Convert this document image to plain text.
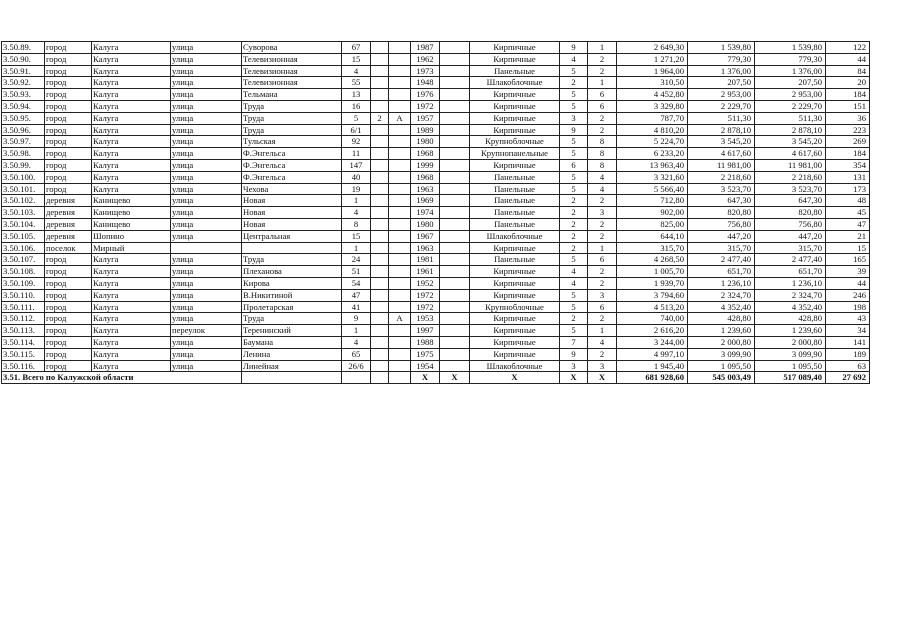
3.50.89.	город	Калуга	улица	Суворова	67			1987		Кирпичные	9	1	2 649,30	1 539,80	1 539,80	122
3.50.90.	город	Калуга	улица	Телевизионная	15			1962		Кирпичные	4	2	1 271,20	779,30	779,30	44
3.50.91.	город	Калуга	улица	Телевизионная	4			1973		Панельные	5	2	1 964,00	1 376,00	1 376,00	84
3.50.92.	город	Калуга	улица	Телевизионная	55			1948		Шлакоблочные	2	1	310,50	207,50	207,50	20
3.50.93.	город	Калуга	улица	Тельмана	13			1976		Кирпичные	5	6	4 452,80	2 953,00	2 953,00	184
3.50.94.	город	Калуга	улица	Труда	16			1972		Кирпичные	5	6	3 329,80	2 229,70	2 229,70	151
3.50.95.	город	Калуга	улица	Труда	5	2	А	1957		Кирпичные	3	2	787,70	511,30	511,30	36
3.50.96.	город	Калуга	улица	Труда	6/1			1989		Кирпичные	9	2	4 810,20	2 878,10	2 878,10	223
3.50.97.	город	Калуга	улица	Тульская	92			1980		Крупноблочные	5	8	5 224,70	3 545,20	3 545,20	269
3.50.98.	город	Калуга	улица	Ф.Энгельса	11			1968		Крупнопанельные	5	8	6 233,20	4 617,60	4 617,60	184
3.50.99.	город	Калуга	улица	Ф.Энгельса	147			1999		Кирпичные	6	8	13 963,40	11 981,00	11 981,00	354
3.50.100.	город	Калуга	улица	Ф.Энгельса	40			1968		Панельные	5	4	3 321,60	2 218,60	2 218,60	131
3.50.101.	город	Калуга	улица	Чехова	19			1963		Панельные	5	4	5 566,40	3 523,70	3 523,70	173
3.50.102.	деревня	Канищево	улица	Новая	1			1969		Панельные	2	2	712,80	647,30	647,30	48
3.50.103.	деревня	Канищево	улица	Новая	4			1974		Панельные	2	3	902,00	820,80	820,80	45
3.50.104.	деревня	Канищево	улица	Новая	8			1980		Панельные	2	2	825,00	756,80	756,80	47
3.50.105.	деревня	Шопино	улица	Центральная	15			1967		Шлакоблочные	2	2	644,10	447,20	447,20	21
3.50.106.	поселок	Мирный			1			1963		Кирпичные	2	1	315,70	315,70	315,70	15
3.50.107.	город	Калуга	улица	Труда	24			1981		Панельные	5	6	4 268,50	2 477,40	2 477,40	165
3.50.108.	город	Калуга	улица	Плеханова	51			1961		Кирпичные	4	2	1 005,70	651,70	651,70	39
3.50.109.	город	Калуга	улица	Кирова	54			1952		Кирпичные	4	2	1 939,70	1 236,10	1 236,10	44
3.50.110.	город	Калуга	улица	В.Никитиной	47			1972		Кирпичные	5	3	3 794,60	2 324,70	2 324,70	246
3.50.111.	город	Калуга	улица	Пролетарская	41			1972		Крупноблочные	5	6	4 513,20	4 352,40	4 352,40	198
3.50.112.	город	Калуга	улица	Труда	9		А	1953		Кирпичные	2	2	740,00	428,80	428,80	43
3.50.113.	город	Калуга	переулок	Теренинский	1			1997		Кирпичные	5	1	2 616,20	1 239,60	1 239,60	34
3.50.114.	город	Калуга	улица	Баумана	4			1988		Кирпичные	7	4	3 244,00	2 000,80	2 000,80	141
3.50.115.	город	Калуга	улица	Ленина	65			1975		Кирпичные	9	2	4 997,10	3 099,90	3 099,90	189
3.50.116.	город	Калуга	улица	Линейная	26/6			1954		Шлакоблочные	3	3	1 945,40	1 095,50	1 095,50	63
3.51. Всего по Калужской области								X	X	X	X	X	681 928,60	545 003,49	517 089,40	27 692
